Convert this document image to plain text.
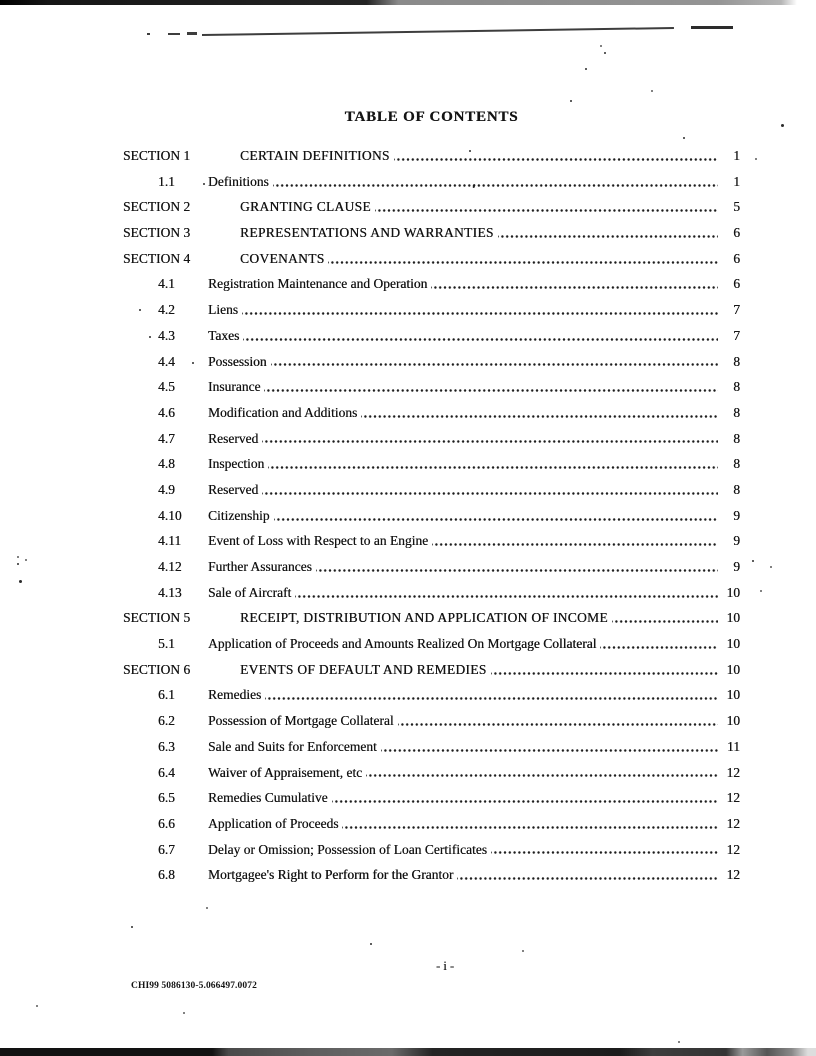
TABLE OF CONTENTS
SECTION 1	CERTAIN DEFINITIONS	1
1.1	Definitions	1
SECTION 2	GRANTING CLAUSE	5
SECTION 3	REPRESENTATIONS AND WARRANTIES	6
SECTION 4	COVENANTS	6
4.1	Registration Maintenance and Operation	6
4.2	Liens	7
4.3	Taxes	7
4.4	Possession	8
4.5	Insurance	8
4.6	Modification and Additions	8
4.7	Reserved	8
4.8	Inspection	8
4.9	Reserved	8
4.10	Citizenship	9
4.11	Event of Loss with Respect to an Engine	9
4.12	Further Assurances	9
4.13	Sale of Aircraft	10
SECTION 5	RECEIPT, DISTRIBUTION AND APPLICATION OF INCOME	10
5.1	Application of Proceeds and Amounts Realized On Mortgage Collateral	10
SECTION 6	EVENTS OF DEFAULT AND REMEDIES	10
6.1	Remedies	10
6.2	Possession of Mortgage Collateral	10
6.3	Sale and Suits for Enforcement	11
6.4	Waiver of Appraisement, etc	12
6.5	Remedies Cumulative	12
6.6	Application of Proceeds	12
6.7	Delay or Omission; Possession of Loan Certificates	12
6.8	Mortgagee's Right to Perform for the Grantor	12
- i -
CHI99 5086130-5.066497.0072
